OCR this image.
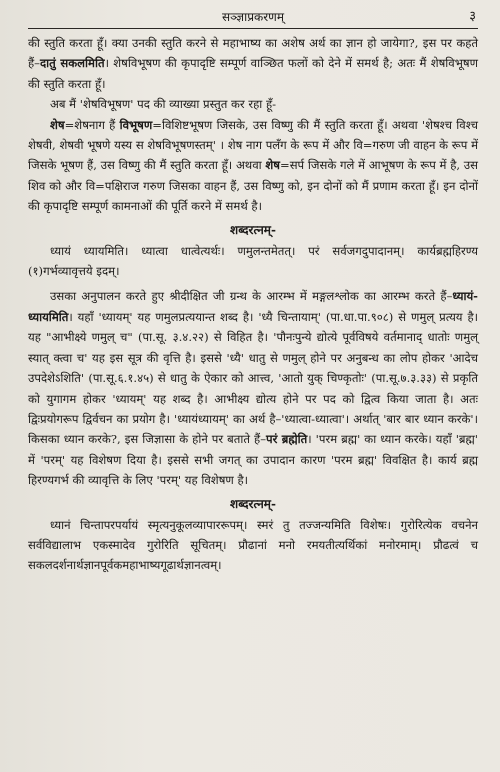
सञ्ज्ञाप्रकरणम्	३

की स्तुति करता हूँ। क्या उनकी स्तुति करने से महाभाष्य का अशेष अर्थ का ज्ञान हो जायेगा?, इस पर कहते हैं–दातुं सकलमिति। शेषविभूषण की कृपादृष्टि सम्पूर्ण वाञ्छित फलों को देने में समर्थ है; अतः मैं शेषविभूषण की स्तुति करता हूँ।

अब मैं 'शेषविभूषण' पद की व्याख्या प्रस्तुत कर रहा हूँ-

शेष=शेषनाग हैं विभूषण=विशिष्टभूषण जिसके, उस विष्णु की मैं स्तुति करता हूँ। अथवा 'शेषश्च विश्च शेषवी, शेषवी भूषणे यस्य स शेषविभूषणस्तम्' । शेष नाग पलँग के रूप में और वि=गरुण जी वाहन के रूप में जिसके भूषण हैं, उस विष्णु की मैं स्तुति करता हूँ। अथवा शेष=सर्प जिसके गले में आभूषण के रूप में है, उस शिव को और वि=पक्षिराज गरुण जिसका वाहन हैं, उस विष्णु को, इन दोनों को मैं प्रणाम करता हूँ। इन दोनों की कृपादृष्टि सम्पूर्ण कामनाओं की पूर्ति करने में समर्थ है।

शब्दरत्नम्-

ध्यायं ध्यायमिति। ध्यात्वा धात्वेत्यर्थः। णमुलन्तमेतत्। परं सर्वजगदुपादानम्। कार्यब्रह्महिरण्य (१)गर्भव्यावृत्तये इदम्।

उसका अनुपालन करते हुए श्रीदीक्षित जी ग्रन्थ के आरम्भ में मङ्गलश्लोक का आरम्भ करते हैं–ध्यायं-ध्यायमिति। यहाँ 'ध्यायम्' यह णमुलप्रत्ययान्त शब्द है। 'ध्यै चिन्तायाम्' (पा.धा.पा.९०८) से णमुल् प्रत्यय है। यह "आभीक्ष्ये णमुल् च" (पा.सू. ३.४.२२) से विहित है। 'पौनःपुन्ये द्योत्ये पूर्वविषये वर्तमानाद् धातोः णमुल् स्यात् क्त्वा च' यह इस सूत्र की वृत्ति है। इससे 'ध्यै' धातु से णमुल् होने पर अनुबन्ध का लोप होकर 'आदेच उपदेशेऽशिति' (पा.सू.६.१.४५) से धातु के ऐकार को आत्त्व, 'आतो युक् चिण्कृतोः' (पा.सू.७.३.३३) से प्रकृति को युगागम होकर 'ध्यायम्' यह शब्द है। आभीक्ष्य द्योत्य होने पर पद को द्वित्व किया जाता है। अतः द्विःप्रयोगरूप द्विर्वचन का प्रयोग है। 'ध्यायंध्यायम्' का अर्थ है–'ध्यात्वा-ध्यात्वा'। अर्थात् 'बार बार ध्यान करके'। किसका ध्यान करके?, इस जिज्ञासा के होने पर बताते हैं–परं ब्रह्मेति। 'परम ब्रह्म' का ध्यान करके। यहाँ 'ब्रह्म' में 'परम्' यह विशेषण दिया है। इससे सभी जगत् का उपादान कारण 'परम ब्रह्म' विवक्षित है। कार्य ब्रह्म हिरण्यगर्भ की व्यावृत्ति के लिए 'परम्' यह विशेषण है।

शब्दरत्नम्-

ध्यानं चिन्तापरपर्यायं स्मृत्यनुकूलव्यापाररूपम्। स्मरं तु तज्जन्यमिति विशेषः। गुरोरित्येक वचनेन सर्वविद्यालाभ एकस्मादेव गुरोरिति सूचितम्। प्रौढानां मनो रमयतीत्यर्थिकां मनोरमाम्। प्रौढत्वं च सकलदर्शनार्थज्ञानपूर्वकमहाभाष्यगूढार्थज्ञानत्वम्।
